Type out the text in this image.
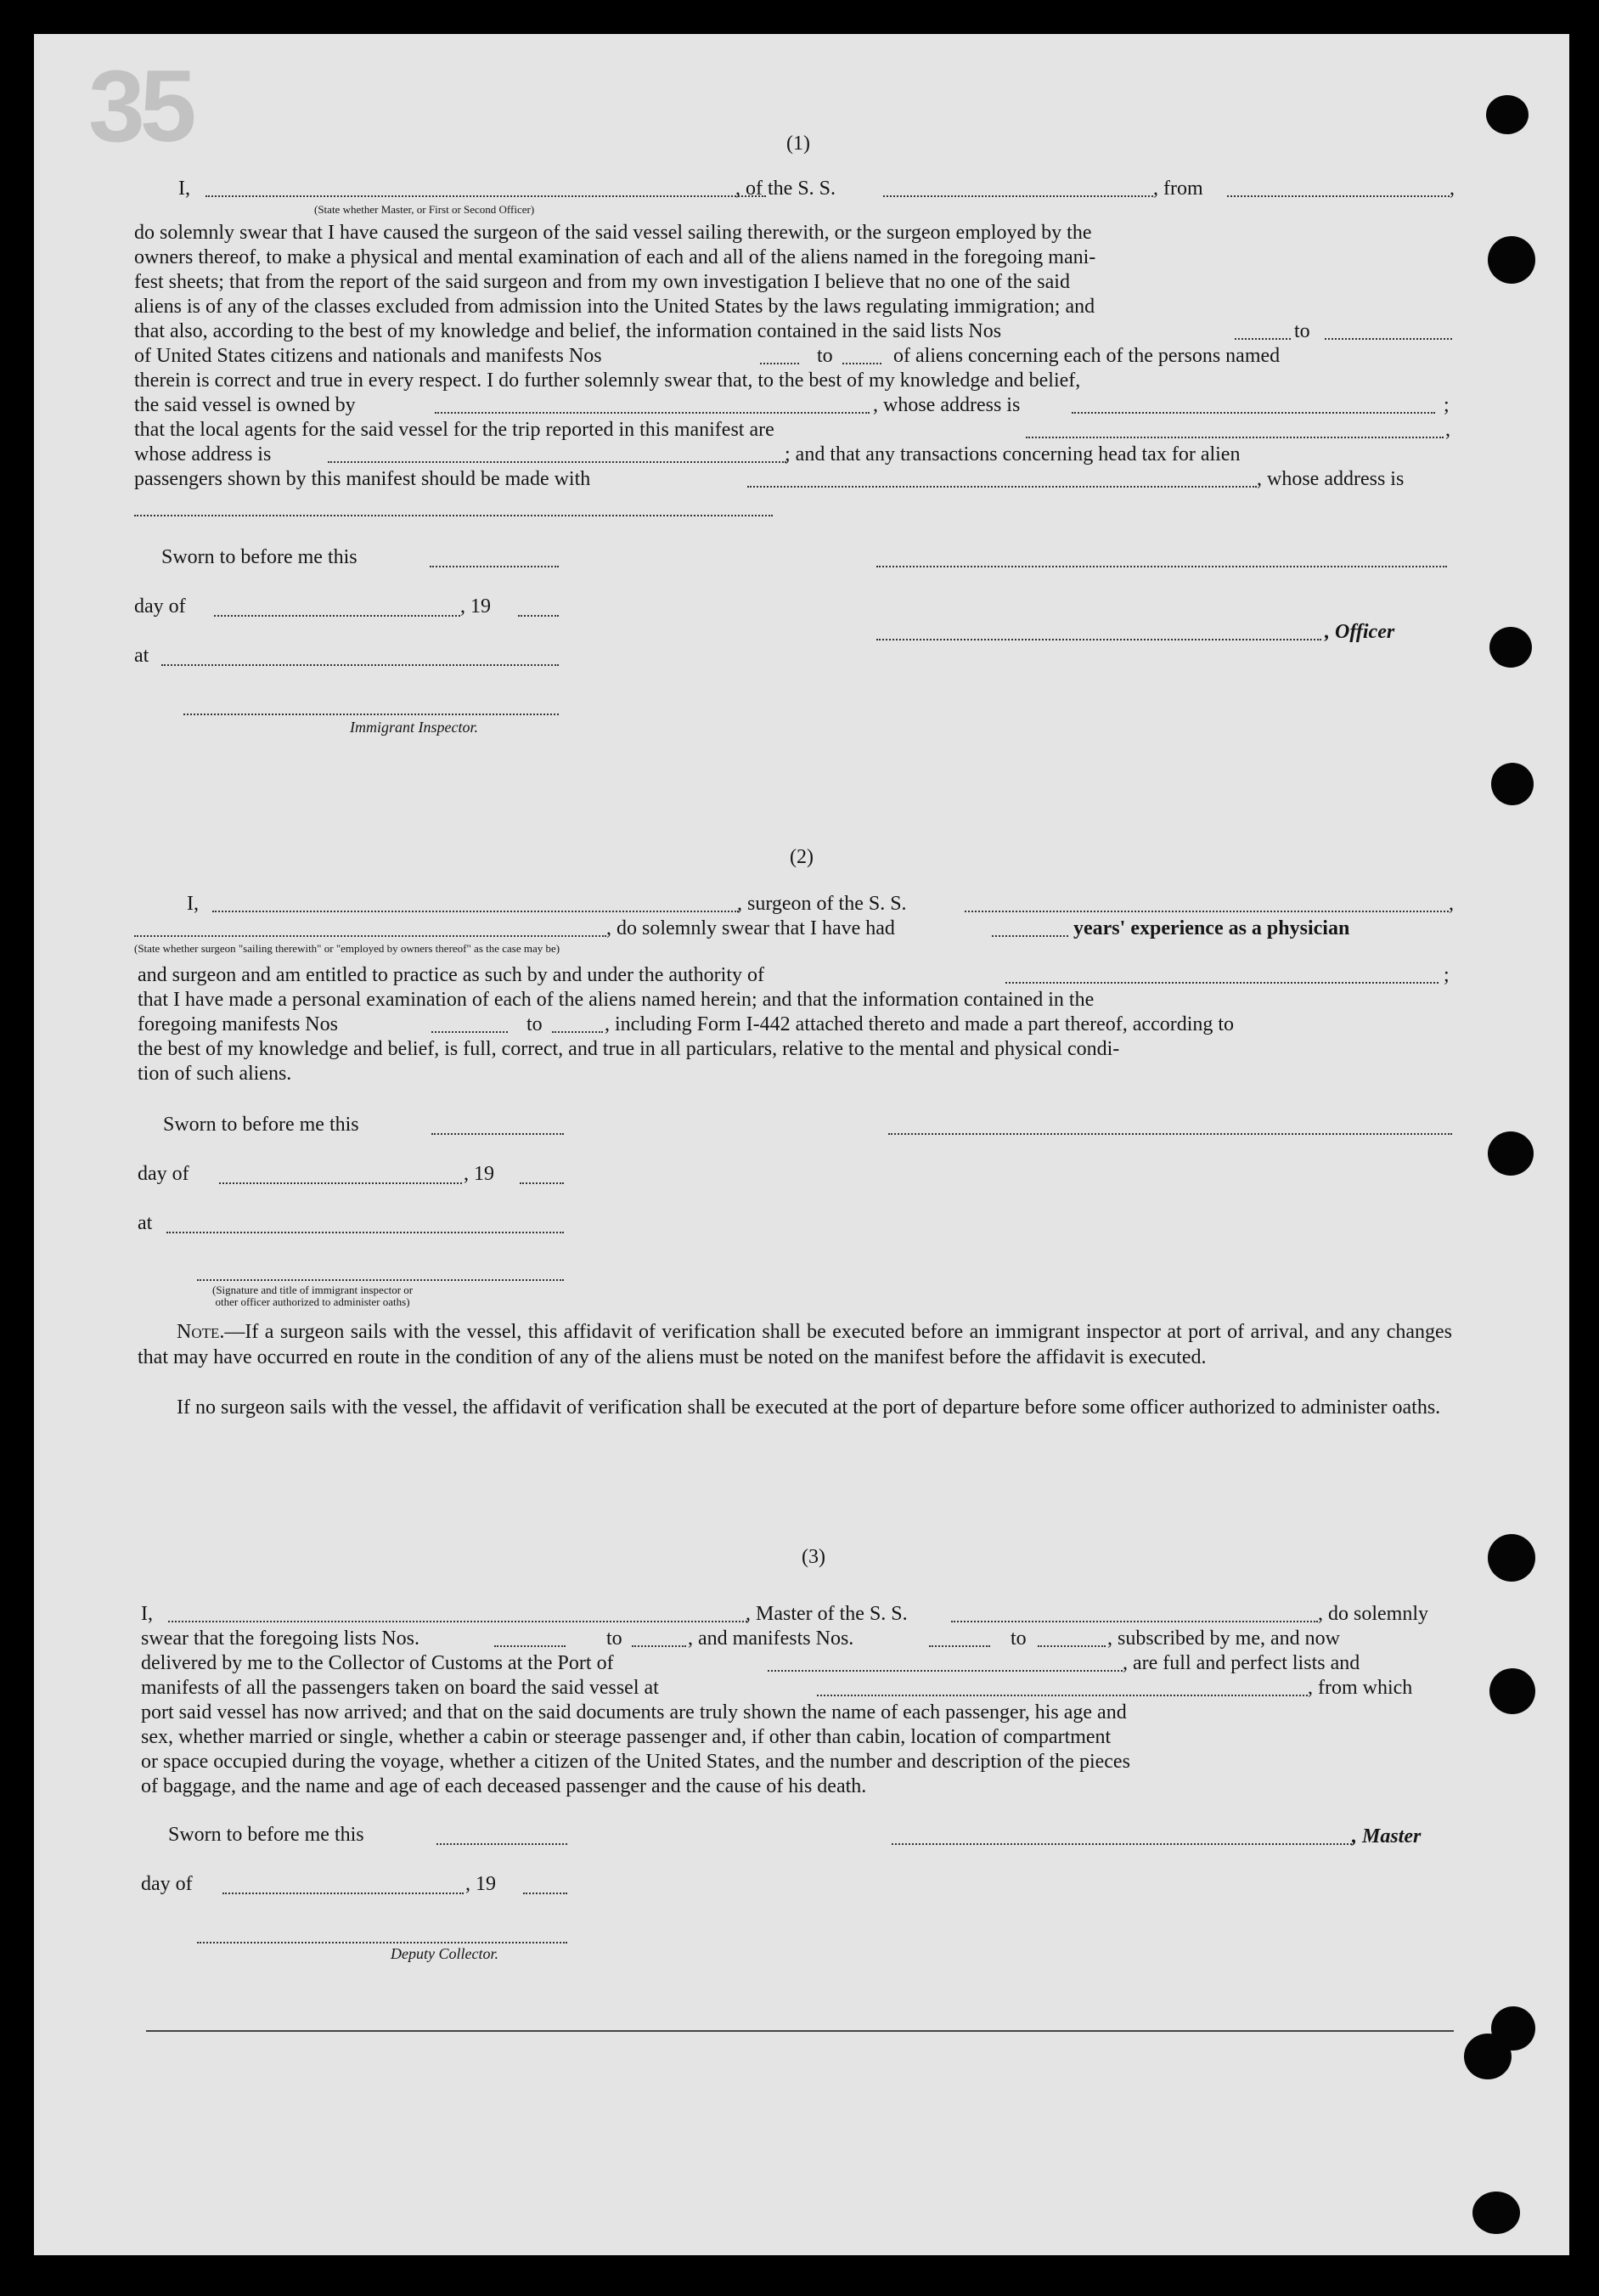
35	(1)
I,	, of the S. S.	, from	,
(State whether Master, or First or Second Officer)
do solemnly swear that I have caused the surgeon of the said vessel sailing therewith, or the surgeon employed by the
owners thereof, to make a physical and mental examination of each and all of the aliens named in the foregoing mani-
fest sheets; that from the report of the said surgeon and from my own investigation I believe that no one of the said
aliens is of any of the classes excluded from admission into the United States by the laws regulating immigration; and
that also, according to the best of my knowledge and belief, the information contained in the said lists Nos	to
of United States citizens and nationals and manifests Nos	to	of aliens concerning each of the persons named
therein is correct and true in every respect. I do further solemnly swear that, to the best of my knowledge and belief,
the said vessel is owned by	, whose address is	;
that the local agents for the said vessel for the trip reported in this manifest are	,
whose address is	; and that any transactions concerning head tax for alien
passengers shown by this manifest should be made with	, whose address is
Sworn to before me this
day of	, 19
at
, Officer
Immigrant Inspector.
(2)
I,	, surgeon of the S. S.	,
, do solemnly swear that I have had	years' experience as a physician
(State whether surgeon "sailing therewith" or "employed by owners thereof" as the case may be)
and surgeon and am entitled to practice as such by and under the authority of	;
that I have made a personal examination of each of the aliens named herein; and that the information contained in the
foregoing manifests Nos	to	, including Form I-442 attached thereto and made a part thereof, according to
the best of my knowledge and belief, is full, correct, and true in all particulars, relative to the mental and physical condi-
tion of such aliens.
Sworn to before me this
day of	, 19
at
(Signature and title of immigrant inspector or
other officer authorized to administer oaths)

Note.—If a surgeon sails with the vessel, this affidavit of verification shall be executed before an immigrant inspector at port of arrival, and any changes that may have occurred en route in the condition of any of the aliens must be noted on the manifest before the affidavit is executed.

If no surgeon sails with the vessel, the affidavit of verification shall be executed at the port of departure before some officer authorized to administer oaths.

(3)
I,	, Master of the S. S.	, do solemnly
swear that the foregoing lists Nos.	to	, and manifests Nos.	to	, subscribed by me, and now
delivered by me to the Collector of Customs at the Port of	, are full and perfect lists and
manifests of all the passengers taken on board the said vessel at	, from which
port said vessel has now arrived; and that on the said documents are truly shown the name of each passenger, his age and
sex, whether married or single, whether a cabin or steerage passenger and, if other than cabin, location of compartment
or space occupied during the voyage, whether a citizen of the United States, and the number and description of the pieces
of baggage, and the name and age of each deceased passenger and the cause of his death.
Sworn to before me this	, Master
day of	, 19
Deputy Collector.
